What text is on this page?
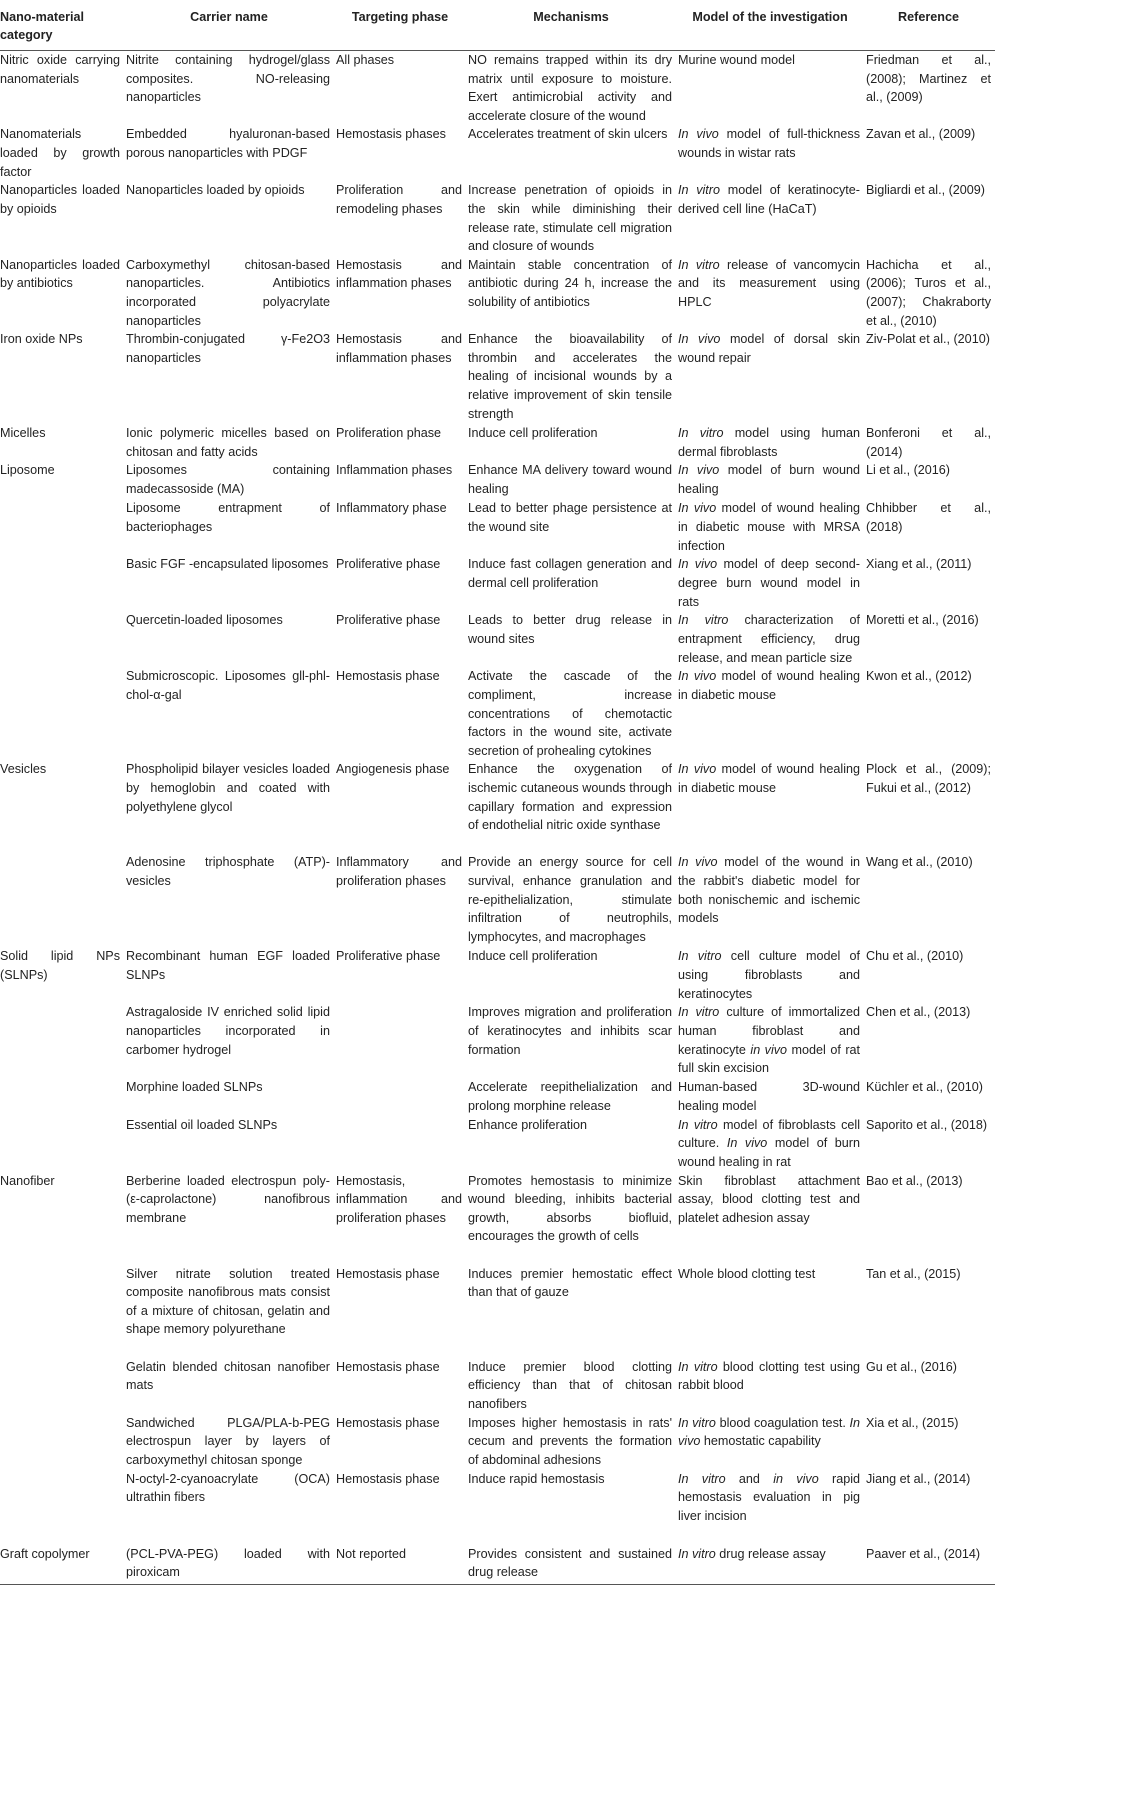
Nano-material category	Carrier name	Targeting phase	Mechanisms	Model of the investigation	Reference
Nitric oxide carrying nanomaterials	Nitrite containing hydrogel/glass composites. NO-releasing nanoparticles	All phases	NO remains trapped within its dry matrix until exposure to moisture. Exert antimicrobial activity and accelerate closure of the wound	Murine wound model	Friedman et al., (2008); Martinez et al., (2009)
Nanomaterials loaded by growth factor	Embedded hyaluronan-based porous nanoparticles with PDGF	Hemostasis phases	Accelerates treatment of skin ulcers	In vivo model of full-thickness wounds in wistar rats	Zavan et al., (2009)
Nanoparticles loaded by opioids	Nanoparticles loaded by opioids	Proliferation and remodeling phases	Increase penetration of opioids in the skin while diminishing their release rate, stimulate cell migration and closure of wounds	In vitro model of keratinocyte-derived cell line (HaCaT)	Bigliardi et al., (2009)
Nanoparticles loaded by antibiotics	Carboxymethyl chitosan-based nanoparticles. Antibiotics incorporated polyacrylate nanoparticles	Hemostasis and inflammation phases	Maintain stable concentration of antibiotic during 24 h, increase the solubility of antibiotics	In vitro release of vancomycin and its measurement using HPLC	Hachicha et al., (2006); Turos et al., (2007); Chakraborty et al., (2010)
Iron oxide NPs	Thrombin-conjugated γ-Fe2O3 nanoparticles	Hemostasis and inflammation phases	Enhance the bioavailability of thrombin and accelerates the healing of incisional wounds by a relative improvement of skin tensile strength	In vivo model of dorsal skin wound repair	Ziv-Polat et al., (2010)
Micelles	Ionic polymeric micelles based on chitosan and fatty acids	Proliferation phase	Induce cell proliferation	In vitro model using human dermal fibroblasts	Bonferoni et al., (2014)
Liposome	Liposomes containing madecassoside (MA)	Inflammation phases	Enhance MA delivery toward wound healing	In vivo model of burn wound healing	Li et al., (2016)
	Liposome entrapment of bacteriophages	Inflammatory phase	Lead to better phage persistence at the wound site	In vivo model of wound healing in diabetic mouse with MRSA infection	Chhibber et al., (2018)
	Basic FGF -encapsulated liposomes	Proliferative phase	Induce fast collagen generation and dermal cell proliferation	In vivo model of deep second-degree burn wound model in rats	Xiang et al., (2011)
	Quercetin-loaded liposomes	Proliferative phase	Leads to better drug release in wound sites	In vitro characterization of entrapment efficiency, drug release, and mean particle size	Moretti et al., (2016)
	Submicroscopic. Liposomes gll-phl-chol-α-gal	Hemostasis phase	Activate the cascade of the compliment, increase concentrations of chemotactic factors in the wound site, activate secretion of prohealing cytokines	In vivo model of wound healing in diabetic mouse	Kwon et al., (2012)
Vesicles	Phospholipid bilayer vesicles loaded by hemoglobin and coated with polyethylene glycol	Angiogenesis phase	Enhance the oxygenation of ischemic cutaneous wounds through capillary formation and expression of endothelial nitric oxide synthase	In vivo model of wound healing in diabetic mouse	Plock et al., (2009); Fukui et al., (2012)
	Adenosine triphosphate (ATP)-vesicles	Inflammatory and proliferation phases	Provide an energy source for cell survival, enhance granulation and re-epithelialization, stimulate infiltration of neutrophils, lymphocytes, and macrophages	In vivo model of the wound in the rabbit's diabetic model for both nonischemic and ischemic models	Wang et al., (2010)
Solid lipid NPs (SLNPs)	Recombinant human EGF loaded SLNPs	Proliferative phase	Induce cell proliferation	In vitro cell culture model of using fibroblasts and keratinocytes	Chu et al., (2010)
	Astragaloside IV enriched solid lipid nanoparticles incorporated in carbomer hydrogel		Improves migration and proliferation of keratinocytes and inhibits scar formation	In vitro culture of immortalized human fibroblast and keratinocyte in vivo model of rat full skin excision	Chen et al., (2013)
	Morphine loaded SLNPs		Accelerate reepithelialization and prolong morphine release	Human-based 3D-wound healing model	Küchler et al., (2010)
	Essential oil loaded SLNPs		Enhance proliferation	In vitro model of fibroblasts cell culture. In vivo model of burn wound healing in rat	Saporito et al., (2018)
Nanofiber	Berberine loaded electrospun poly-(ε-caprolactone) nanofibrous membrane	Hemostasis, inflammation and proliferation phases	Promotes hemostasis to minimize wound bleeding, inhibits bacterial growth, absorbs biofluid, encourages the growth of cells	Skin fibroblast attachment assay, blood clotting test and platelet adhesion assay	Bao et al., (2013)
	Silver nitrate solution treated composite nanofibrous mats consist of a mixture of chitosan, gelatin and shape memory polyurethane	Hemostasis phase	Induces premier hemostatic effect than that of gauze	Whole blood clotting test	Tan et al., (2015)
	Gelatin blended chitosan nanofiber mats	Hemostasis phase	Induce premier blood clotting efficiency than that of chitosan nanofibers	In vitro blood clotting test using rabbit blood	Gu et al., (2016)
	Sandwiched PLGA/PLA-b-PEG electrospun layer by layers of carboxymethyl chitosan sponge	Hemostasis phase	Imposes higher hemostasis in rats' cecum and prevents the formation of abdominal adhesions	In vitro blood coagulation test. In vivo hemostatic capability	Xia et al., (2015)
	N-octyl-2-cyanoacrylate (OCA) ultrathin fibers	Hemostasis phase	Induce rapid hemostasis	In vitro and in vivo rapid hemostasis evaluation in pig liver incision	Jiang et al., (2014)
Graft copolymer	(PCL-PVA-PEG) loaded with piroxicam	Not reported	Provides consistent and sustained drug release	In vitro drug release assay	Paaver et al., (2014)
